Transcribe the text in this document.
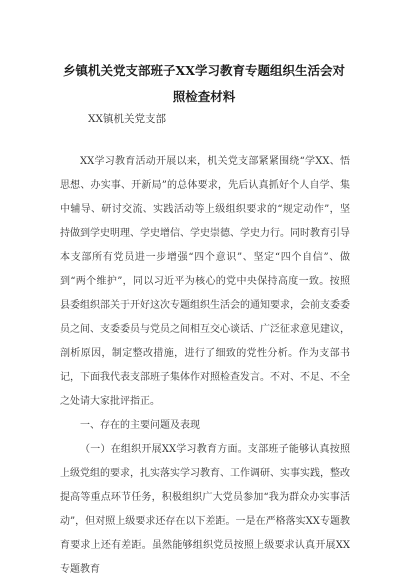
乡镇机关党支部班子XX学习教育专题组织生活会对照检查材料
XX镇机关党支部

XX学习教育活动开展以来，机关党支部紧紧围绕“学XX、悟思想、办实事、开新局”的总体要求，先后认真抓好个人自学、集中辅导、研讨交流、实践活动等上级组织要求的“规定动作”，坚持做到学史明理、学史增信、学史崇德、学史力行。同时教育引导本支部所有党员进一步增强“四个意识”、坚定“四个自信”、做到“两个维护”，同以习近平为核心的党中央保持高度一致。按照县委组织部关于开好这次专题组织生活会的通知要求，会前支委委员之间、支委委员与党员之间相互交心谈话、广泛征求意见建议，剖析原因，制定整改措施，进行了细致的党性分析。作为支部书记，下面我代表支部班子集体作对照检查发言。不对、不足、不全之处请大家批评指正。

一、存在的主要问题及表现

（一）在组织开展XX学习教育方面。支部班子能够认真按照上级党组的要求，扎实落实学习教育、工作调研、实事实践，整改提高等重点环节任务，积极组织广大党员参加“我为群众办实事活动”，但对照上级要求还存在以下差距。一是在严格落实XX专题教育要求上还有差距。虽然能够组织党员按照上级要求认真开展XX专题教育
